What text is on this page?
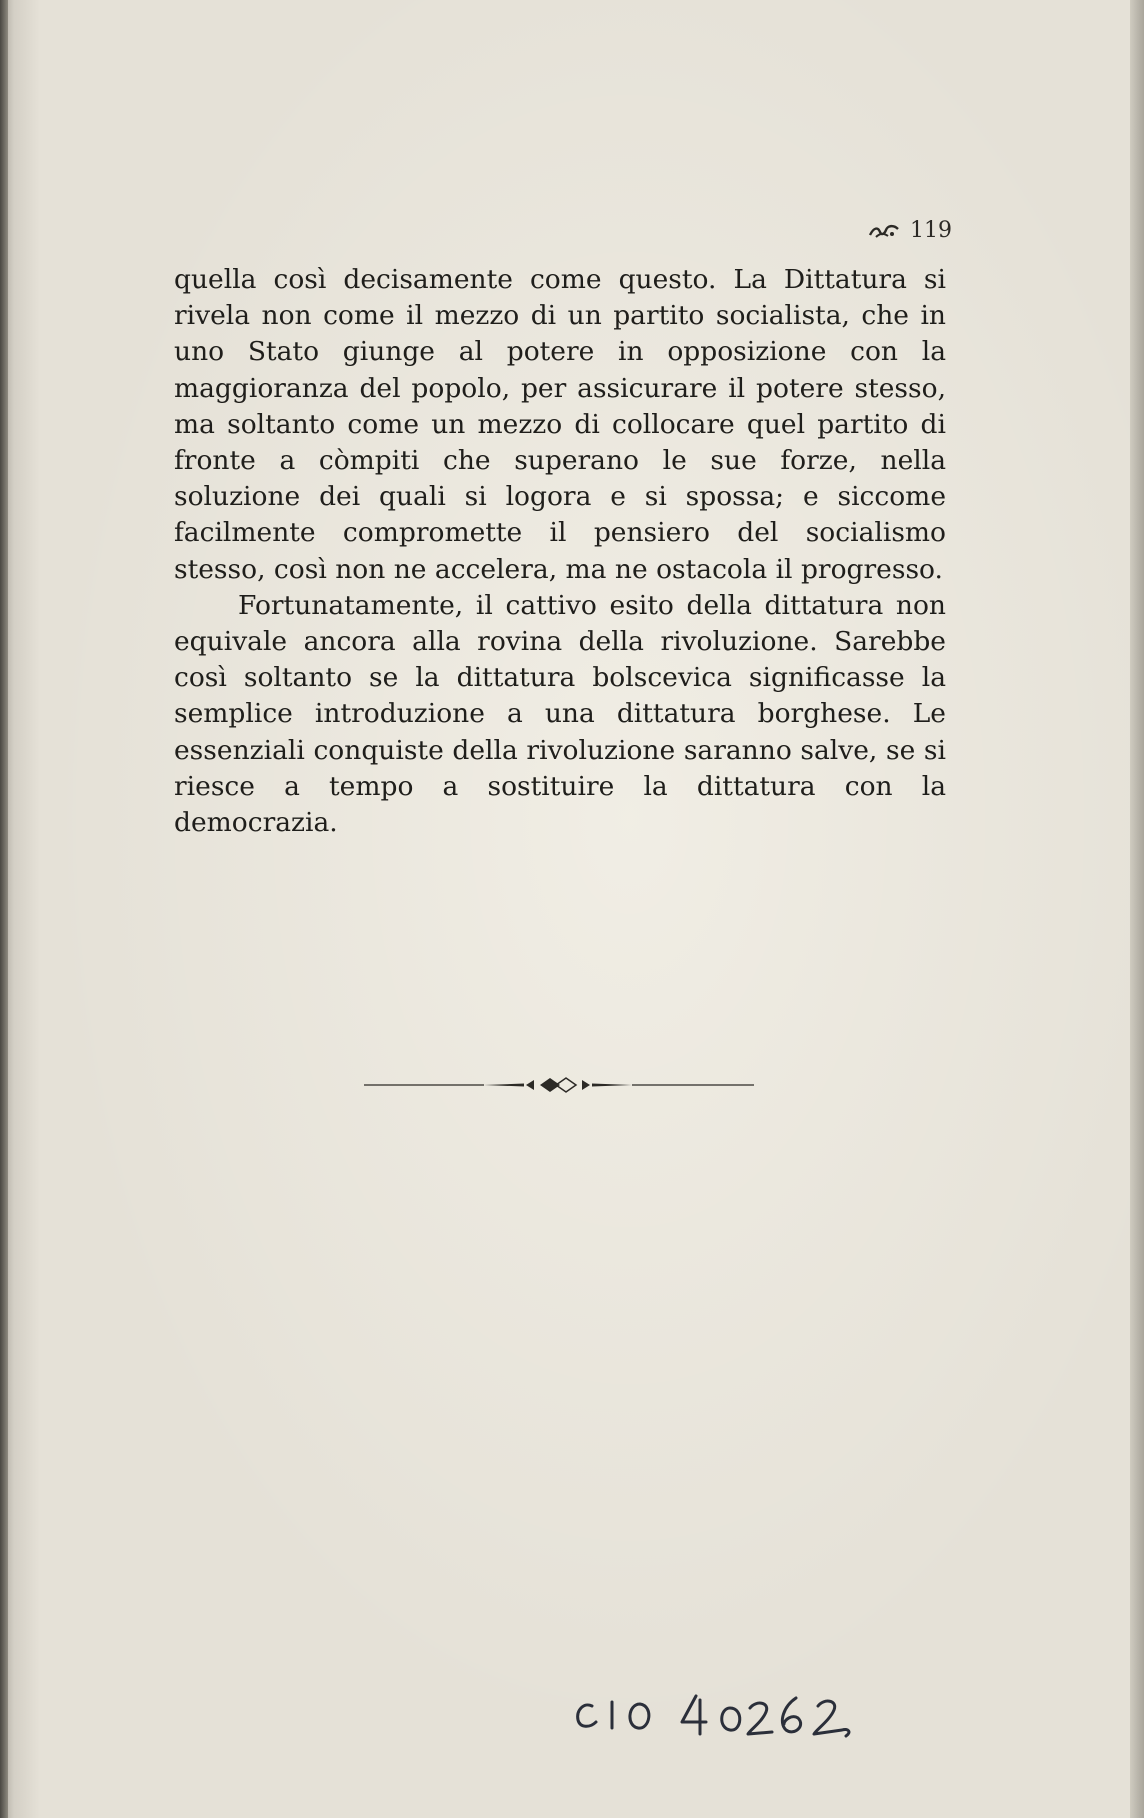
119

quella così decisamente come questo. La Dittatura si rivela non come il mezzo di un partito socialista, che in uno Stato giunge al potere in opposizione con la maggioranza del popolo, per assicurare il potere stesso, ma soltanto come un mezzo di collocare quel partito di fronte a còmpiti che superano le sue forze, nella soluzione dei quali si logora e si spossa; e siccome facilmente compromette il pensiero del socialismo stesso, così non ne accelera, ma ne ostacola il progresso.

Fortunatamente, il cattivo esito della dittatura non equivale ancora alla rovina della rivoluzione. Sarebbe così soltanto se la dittatura bolscevica significasse la semplice introduzione a una dittatura borghese. Le essenziali conquiste della rivoluzione saranno salve, se si riesce a tempo a sostituire la dittatura con la democrazia.
